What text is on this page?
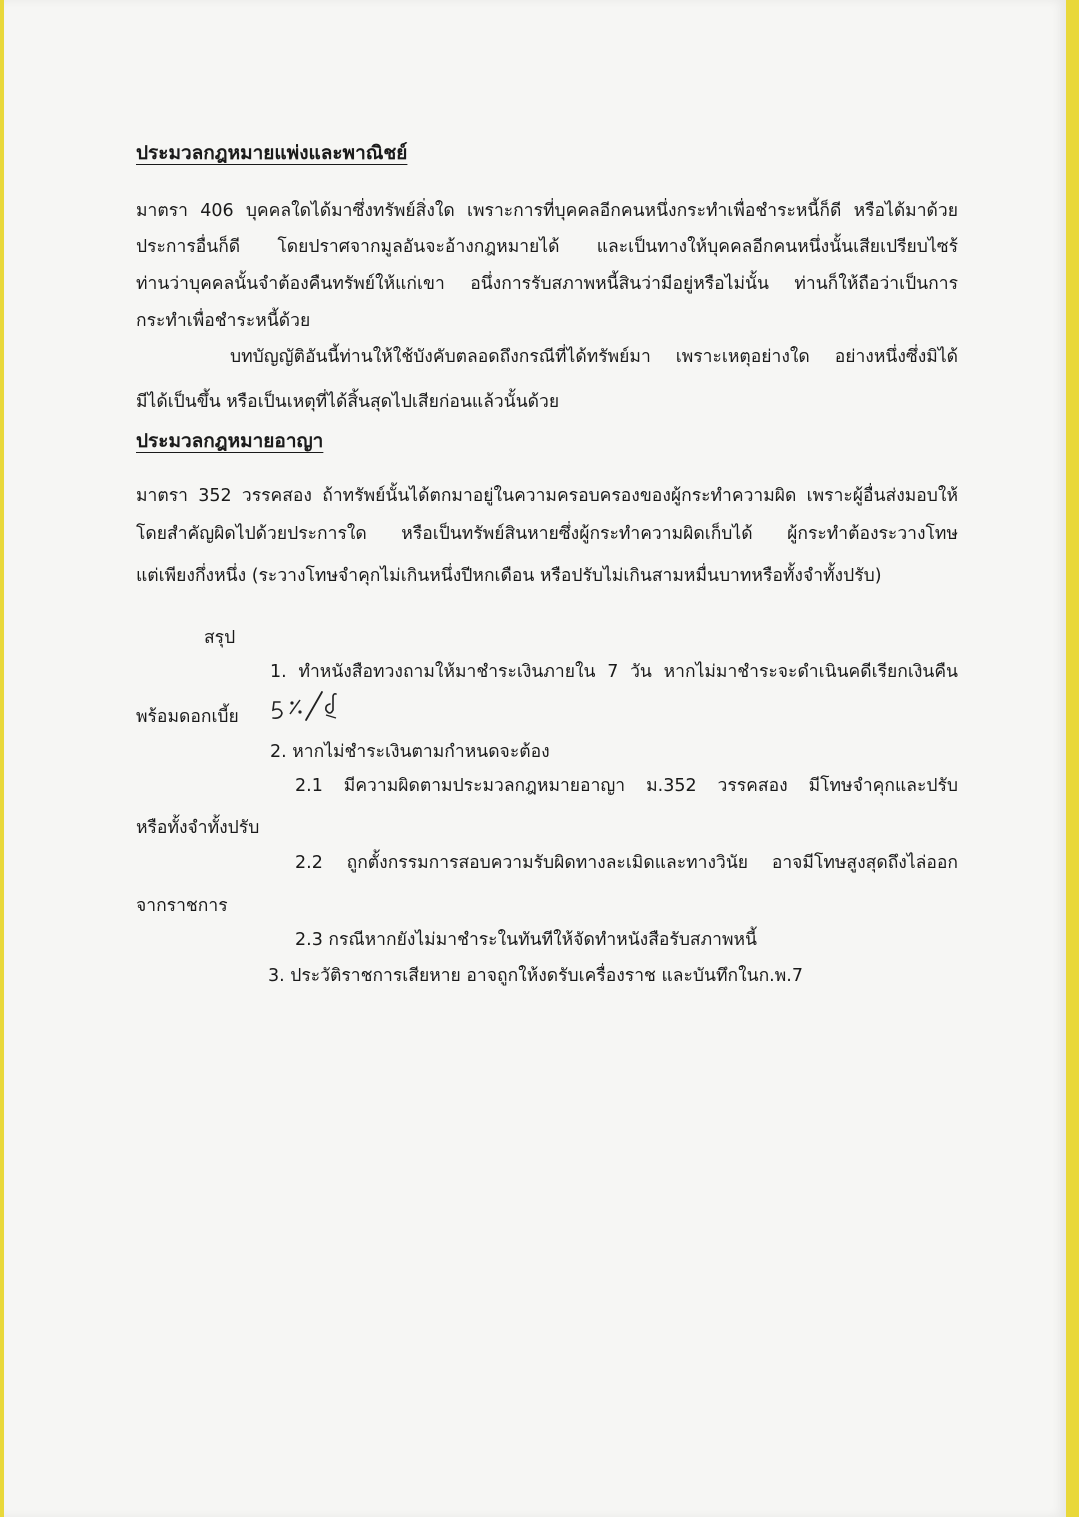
ประมวลกฎหมายแพ่งและพาณิชย์
มาตรา 406 บุคคลใดได้มาซึ่งทรัพย์สิ่งใด เพราะการที่บุคคลอีกคนหนึ่งกระทำเพื่อชำระหนี้ก็ดี หรือได้มาด้วย
ประการอื่นก็ดี โดยปราศจากมูลอันจะอ้างกฎหมายได้ และเป็นทางให้บุคคลอีกคนหนึ่งนั้นเสียเปรียบไซร้
ท่านว่าบุคคลนั้นจำต้องคืนทรัพย์ให้แก่เขา อนึ่งการรับสภาพหนี้สินว่ามีอยู่หรือไม่นั้น ท่านก็ให้ถือว่าเป็นการ
กระทำเพื่อชำระหนี้ด้วย
บทบัญญัติอันนี้ท่านให้ใช้บังคับตลอดถึงกรณีที่ได้ทรัพย์มา เพราะเหตุอย่างใด อย่างหนึ่งซึ่งมิได้
มีได้เป็นขึ้น หรือเป็นเหตุที่ได้สิ้นสุดไปเสียก่อนแล้วนั้นด้วย
ประมวลกฎหมายอาญา
มาตรา 352 วรรคสอง ถ้าทรัพย์นั้นได้ตกมาอยู่ในความครอบครองของผู้กระทำความผิด เพราะผู้อื่นส่งมอบให้
โดยสำคัญผิดไปด้วยประการใด หรือเป็นทรัพย์สินหายซึ่งผู้กระทำความผิดเก็บได้ ผู้กระทำต้องระวางโทษ
แต่เพียงกึ่งหนึ่ง (ระวางโทษจำคุกไม่เกินหนึ่งปีหกเดือน หรือปรับไม่เกินสามหมื่นบาทหรือทั้งจำทั้งปรับ)
สรุป
1. ทำหนังสือทวงถามให้มาชำระเงินภายใน 7 วัน หากไม่มาชำระจะดำเนินคดีเรียกเงินคืน
พร้อมดอกเบี้ย
2. หากไม่ชำระเงินตามกำหนดจะต้อง
2.1 มีความผิดตามประมวลกฎหมายอาญา ม.352 วรรคสอง มีโทษจำคุกและปรับ
หรือทั้งจำทั้งปรับ
2.2 ถูกตั้งกรรมการสอบความรับผิดทางละเมิดและทางวินัย อาจมีโทษสูงสุดถึงไล่ออก
จากราชการ
2.3 กรณีหากยังไม่มาชำระในทันทีให้จัดทำหนังสือรับสภาพหนี้
3. ประวัติราชการเสียหาย อาจถูกให้งดรับเครื่องราช และบันทึกในก.พ.7
